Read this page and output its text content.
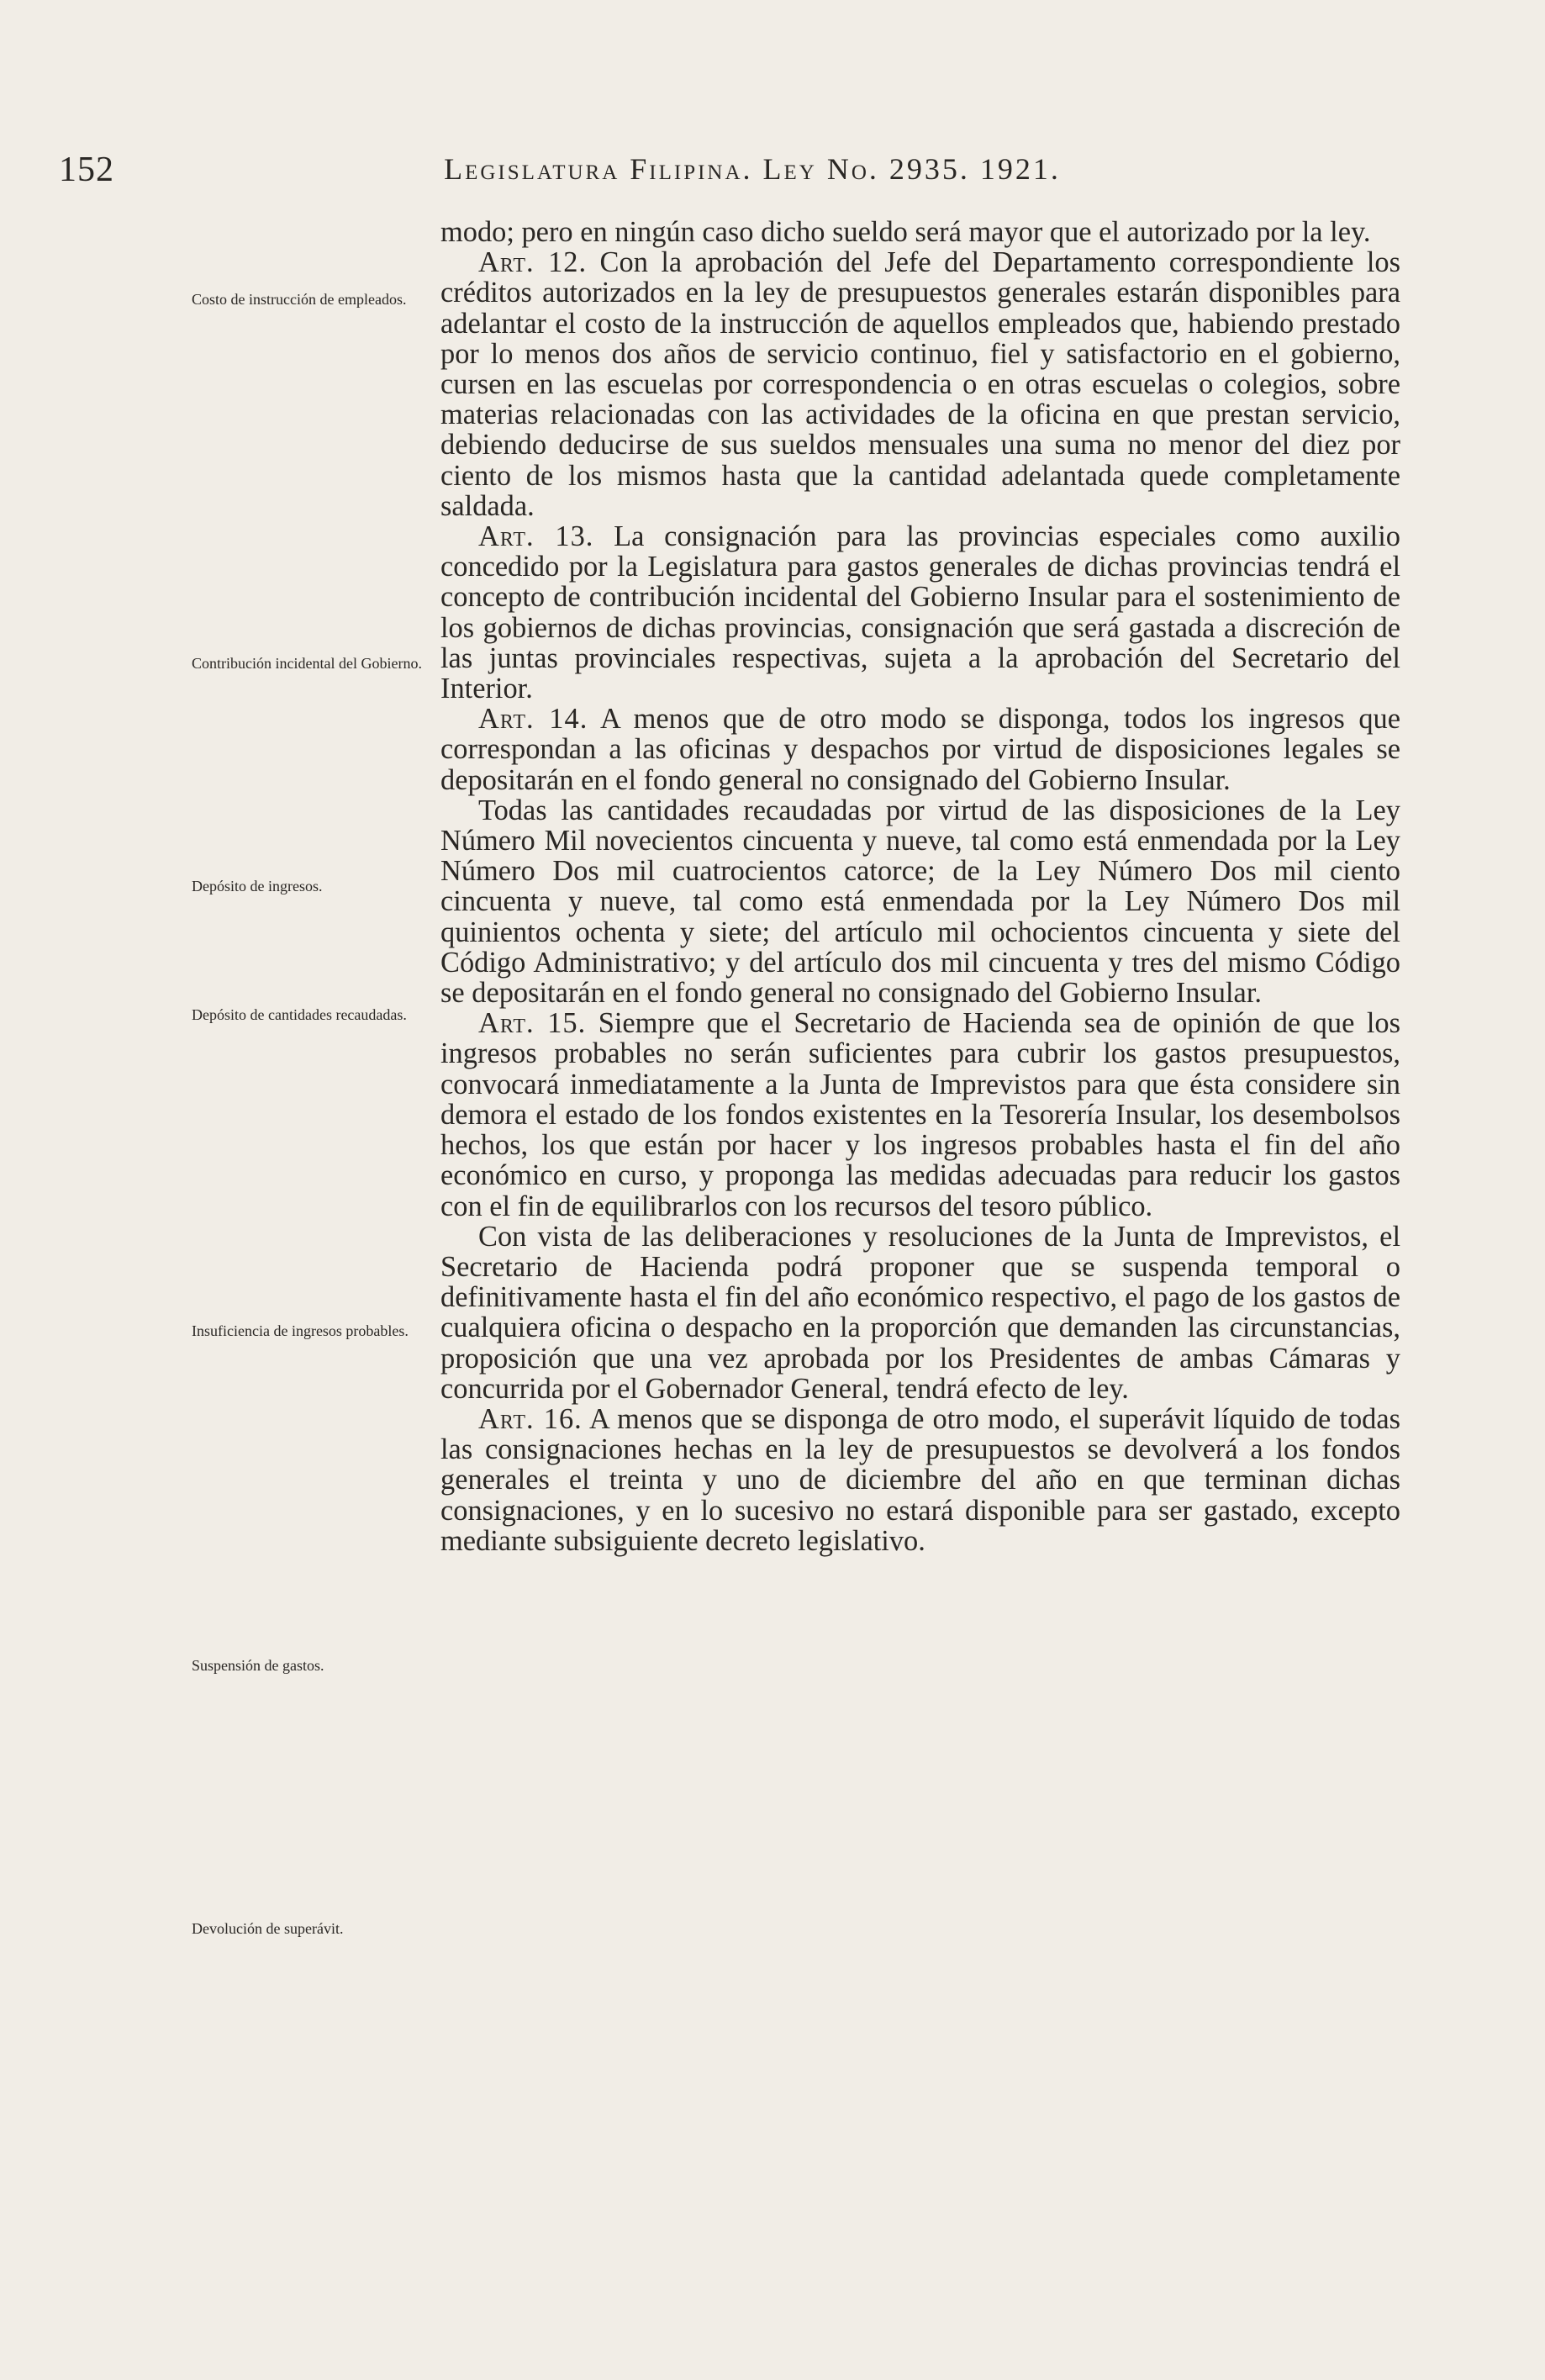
152	Legislatura Filipina. Ley No. 2935. 1921.
Costo de instrucción de empleados.
Contribución incidental del Gobierno.
Depósito de ingresos.
Depósito de cantidades recaudadas.
Insuficiencia de ingresos probables.
Suspensión de gastos.
Devolución de superávit.

modo; pero en ningún caso dicho sueldo será mayor que el autorizado por la ley.

Art. 12. Con la aprobación del Jefe del Departamento correspondiente los créditos autorizados en la ley de presupuestos generales estarán disponibles para adelantar el costo de la instrucción de aquellos empleados que, habiendo prestado por lo menos dos años de servicio continuo, fiel y satisfactorio en el gobierno, cursen en las escuelas por correspondencia o en otras escuelas o colegios, sobre materias relacionadas con las actividades de la oficina en que prestan servicio, debiendo deducirse de sus sueldos mensuales una suma no menor del diez por ciento de los mismos hasta que la cantidad adelantada quede completamente saldada.

Art. 13. La consignación para las provincias especiales como auxilio concedido por la Legislatura para gastos generales de dichas provincias tendrá el concepto de contribución incidental del Gobierno Insular para el sostenimiento de los gobiernos de dichas provincias, consignación que será gastada a discreción de las juntas provinciales respectivas, sujeta a la aprobación del Secretario del Interior.

Art. 14. A menos que de otro modo se disponga, todos los ingresos que correspondan a las oficinas y despachos por virtud de disposiciones legales se depositarán en el fondo general no consignado del Gobierno Insular.

Todas las cantidades recaudadas por virtud de las disposiciones de la Ley Número Mil novecientos cincuenta y nueve, tal como está enmendada por la Ley Número Dos mil cuatrocientos catorce; de la Ley Número Dos mil ciento cincuenta y nueve, tal como está enmendada por la Ley Número Dos mil quinientos ochenta y siete; del artículo mil ochocientos cincuenta y siete del Código Administrativo; y del artículo dos mil cincuenta y tres del mismo Código se depositarán en el fondo general no consignado del Gobierno Insular.

Art. 15. Siempre que el Secretario de Hacienda sea de opinión de que los ingresos probables no serán suficientes para cubrir los gastos presupuestos, convocará inmediatamente a la Junta de Imprevistos para que ésta considere sin demora el estado de los fondos existentes en la Tesorería Insular, los desembolsos hechos, los que están por hacer y los ingresos probables hasta el fin del año económico en curso, y proponga las medidas adecuadas para reducir los gastos con el fin de equilibrarlos con los recursos del tesoro público.

Con vista de las deliberaciones y resoluciones de la Junta de Imprevistos, el Secretario de Hacienda podrá proponer que se suspenda temporal o definitivamente hasta el fin del año económico respectivo, el pago de los gastos de cualquiera oficina o despacho en la proporción que demanden las circunstancias, proposición que una vez aprobada por los Presidentes de ambas Cámaras y concurrida por el Gobernador General, tendrá efecto de ley.

Art. 16. A menos que se disponga de otro modo, el superávit líquido de todas las consignaciones hechas en la ley de presupuestos se devolverá a los fondos generales el treinta y uno de diciembre del año en que terminan dichas consignaciones, y en lo sucesivo no estará disponible para ser gastado, excepto mediante subsiguiente decreto legislativo.
